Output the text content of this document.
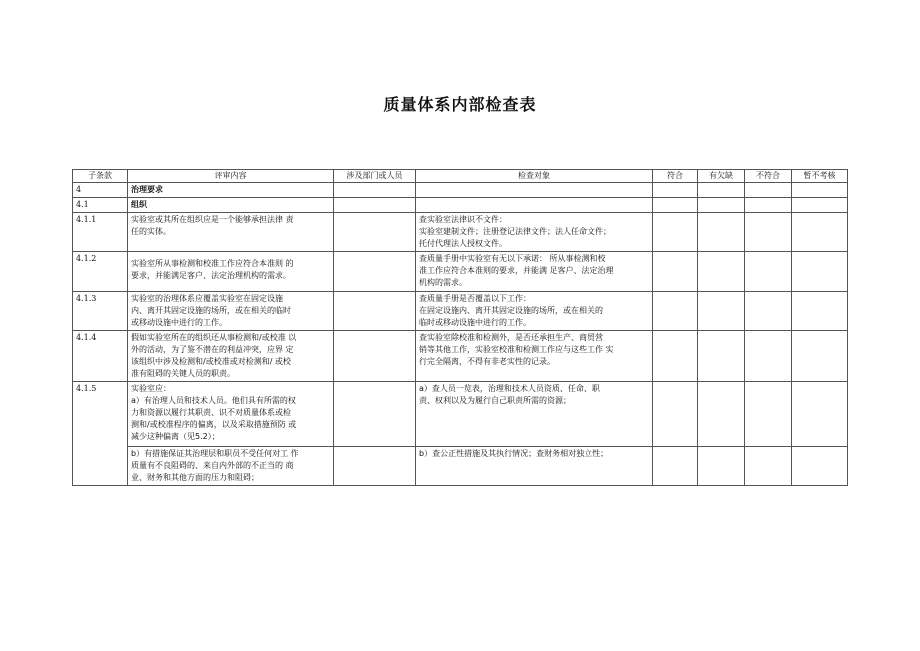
质量体系内部检查表
子条款	评审内容	涉及部门或人员	检查对象	符合	有欠缺	不符合	暂不考核
4	治理要求						
4.1	组织						
4.1.1	实验室或其所在组织应是一个能够承担法律 责
任的实体。		查实验室法律识不文件：
实验室建制文件；注册登记法律文件；法人任命文件；
托付代理法人授权文件。				
4.1.2	实验室所从事检测和校准工作应符合本准则 的
要求，并能满足客户、法定治理机构的需求。		查质量手册中实验室有无以下承诺： 所从事检测和校
准工作应符合本准则的要求，并能满 足客户、法定治理
机构的需求。				
4.1.3	实验室的治理体系应覆盖实验室在固定设施
内、离开其固定设施的场所，或在相关的临时
或移动设施中进行的工作。		查质量手册是否覆盖以下工作：
在固定设施内、离开其固定设施的场所，或在相关的
临时或移动设施中进行的工作。				
4.1.4	假如实验室所在的组织还从事检测和/或校准 以
外的活动，为了鉴不潜在的利益冲突，应界 定
该组织中涉及检测和/或校准或对检测和/ 或校
准有阻碍的关键人员的职责。		查实验室除校准和检测外，是否还承担生产、商贸营
销等其他工作，实验室校准和检测工作应与这些工作 实
行完全隔离，不得有非老实性的记录。				
4.1.5	实验室应：
a）有治理人员和技术人员。他们具有所需的权
力和资源以履行其职责、识不对质量体系或检
测和/或校准程序的偏离，以及采取措施预防 或
减少这种偏离（见5.2）；		a）查人员一览表，治理和技术人员资质、任命、职
责、权利以及为履行自己职责所需的资源；				
	b）有措施保证其治理层和职员不受任何对工 作
质量有不良阻碍的、来自内外部的不正当的 商
业、财务和其他方面的压力和阻碍；		b）查公正性措施及其执行情况；查财务相对独立性；				
